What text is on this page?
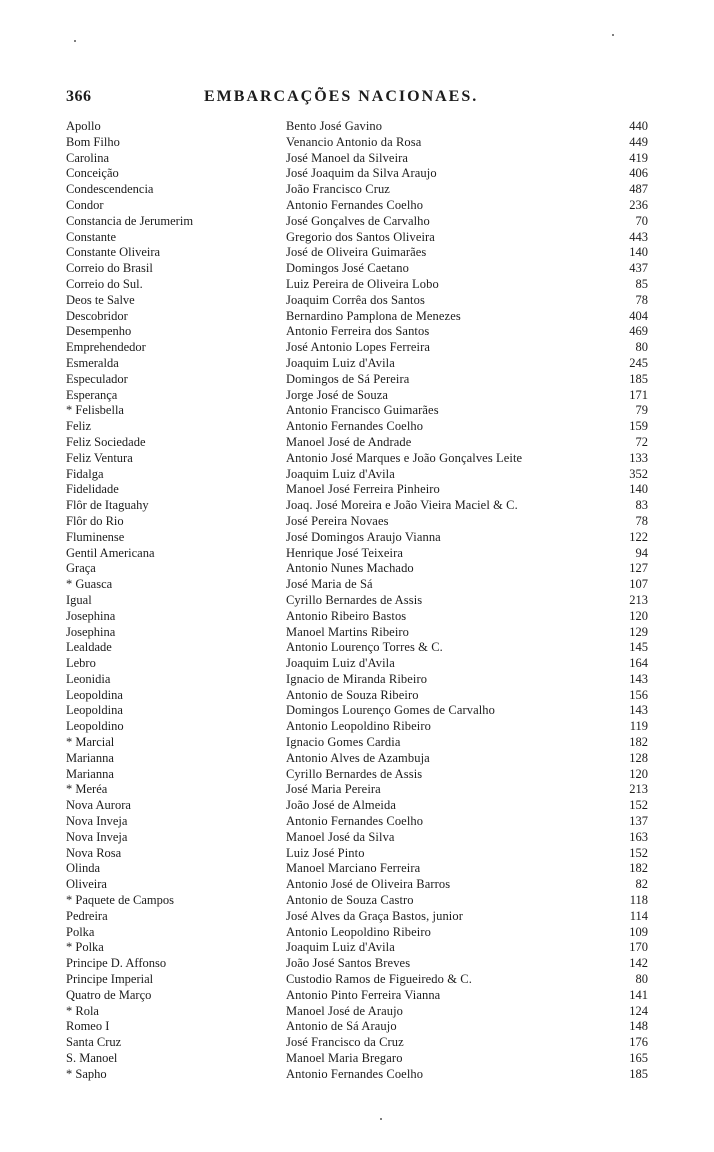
366	EMBARCAÇÕES NACIONAES.
Apollo	Bento José Gavino	440
Bom Filho	Venancio Antonio da Rosa	449
Carolina	José Manoel da Silveira	419
Conceição	José Joaquim da Silva Araujo	406
Condescendencia	João Francisco Cruz	487
Condor	Antonio Fernandes Coelho	236
Constancia de Jerumerim	José Gonçalves de Carvalho	70
Constante	Gregorio dos Santos Oliveira	443
Constante Oliveira	José de Oliveira Guimarães	140
Correio do Brasil	Domingos José Caetano	437
Correio do Sul.	Luiz Pereira de Oliveira Lobo	85
Deos te Salve	Joaquim Corrêa dos Santos	78
Descobridor	Bernardino Pamplona de Menezes	404
Desempenho	Antonio Ferreira dos Santos	469
Emprehendedor	José Antonio Lopes Ferreira	80
Esmeralda	Joaquim Luiz d'Avila	245
Especulador	Domingos de Sá Pereira	185
Esperança	Jorge José de Souza	171
* Felisbella	Antonio Francisco Guimarães	79
Feliz	Antonio Fernandes Coelho	159
Feliz Sociedade	Manoel José de Andrade	72
Feliz Ventura	Antonio José Marques e João Gonçalves Leite	133
Fidalga	Joaquim Luiz d'Avila	352
Fidelidade	Manoel José Ferreira Pinheiro	140
Flôr de Itaguahy	Joaq. José Moreira e João Vieira Maciel & C.	83
Flôr do Rio	José Pereira Novaes	78
Fluminense	José Domingos Araujo Vianna	122
Gentil Americana	Henrique José Teixeira	94
Graça	Antonio Nunes Machado	127
* Guasca	José Maria de Sá	107
Igual	Cyrillo Bernardes de Assis	213
Josephina	Antonio Ribeiro Bastos	120
Josephina	Manoel Martins Ribeiro	129
Lealdade	Antonio Lourenço Torres & C.	145
Lebro	Joaquim Luiz d'Avila	164
Leonidia	Ignacio de Miranda Ribeiro	143
Leopoldina	Antonio de Souza Ribeiro	156
Leopoldina	Domingos Lourenço Gomes de Carvalho	143
Leopoldino	Antonio Leopoldino Ribeiro	119
* Marcial	Ignacio Gomes Cardia	182
Marianna	Antonio Alves de Azambuja	128
Marianna	Cyrillo Bernardes de Assis	120
* Meréa	José Maria Pereira	213
Nova Aurora	João José de Almeida	152
Nova Inveja	Antonio Fernandes Coelho	137
Nova Inveja	Manoel José da Silva	163
Nova Rosa	Luiz José Pinto	152
Olinda	Manoel Marciano Ferreira	182
Oliveira	Antonio José de Oliveira Barros	82
* Paquete de Campos	Antonio de Souza Castro	118
Pedreira	José Alves da Graça Bastos, junior	114
Polka	Antonio Leopoldino Ribeiro	109
* Polka	Joaquim Luiz d'Avila	170
Principe D. Affonso	João José Santos Breves	142
Principe Imperial	Custodio Ramos de Figueiredo & C.	80
Quatro de Março	Antonio Pinto Ferreira Vianna	141
* Rola	Manoel José de Araujo	124
Romeo I	Antonio de Sá Araujo	148
Santa Cruz	José Francisco da Cruz	176
S. Manoel	Manoel Maria Bregaro	165
* Sapho	Antonio Fernandes Coelho	185
